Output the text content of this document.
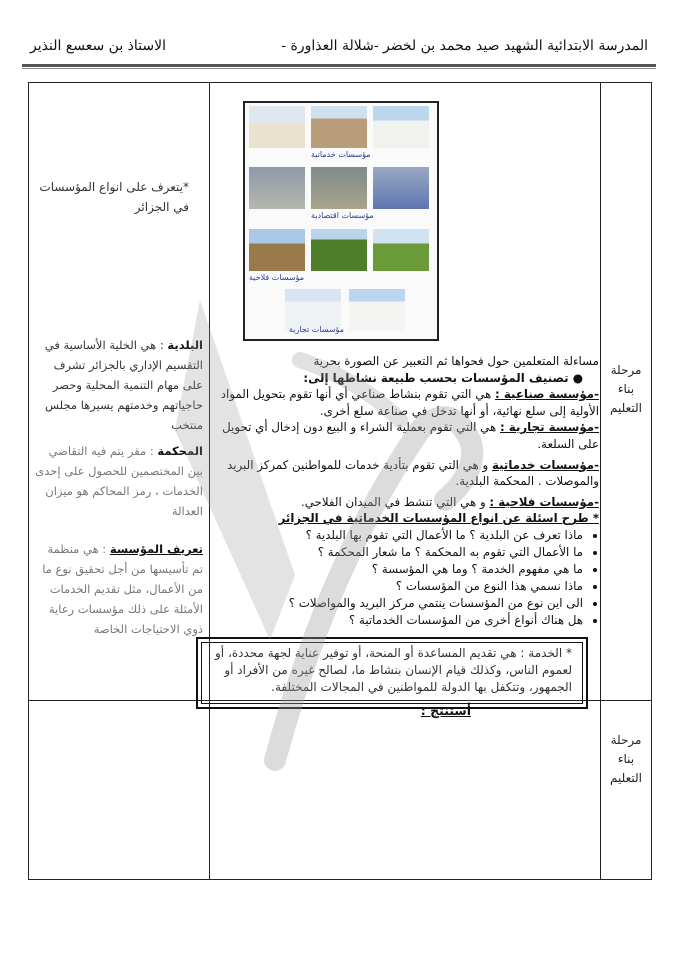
المدرسة الابتدائية الشهيد صيد محمد بن لخضر -شلالة العذاورة -
الاستاذ بن سعسع النذير
مرحلة بناء التعليم
مرحلة بناء التعليم
*يتعرف على انواع المؤسسات في الجزائر
البلدية : هي الخلية الأساسية في التقسيم الإداري بالجزائر تشرف على مهام التنمية المحلية وحصر حاجياتهم وخدمتهم يسيرها مجلس منتخب
المحكمة : مقر يتم فيه التقاضي بين المختصمين للحصول على إحدى الخدمات ، رمز المحاكم هو ميزان العدالة
تعريف المؤسسة : هي منظمة تم تأسيسها من أجل تحقيق نوع ما من الأعمال، مثل تقديم الخدمات الأمثلة على ذلك مؤسسات رعاية ذوي الاحتياجات الخاصة
مؤسسات خدماتية
مؤسسات اقتصادية
مؤسسات فلاحية
مؤسسات تجارية
مساءلة المتعلمين حول فحواها ثم التعبير عن الصورة بحرية
● تصنيف المؤسسات بحسب طبيعة نشاطها إلى:
-مؤسسة صناعية : هي التي تقوم بنشاط صناعي أي أنها تقوم بتحويل المواد الأولية إلى سلع نهائية، أو أنها تدخل في صناعة سلع أخرى.
-مؤسسة تجارية : هي التي تقوم بعملية الشراء و البيع دون إدخال أي تحويل على السلعة.
-مؤسسات خدماتية و هي التي تقوم بتأدية خدمات للمواطنين كمركز البريد والموصلات . المحكمة البلدية.
-مؤسسات فلاحية : و هي التي تنشط في الميدان الفلاحي.
* طرح اسئلة عن انواع المؤسسات الخدماتية في الجزائر
• ماذا تعرف عن البلدية ؟ ما الأعمال التي تقوم بها البلدية ؟
• ما الأعمال التي تقوم به المحكمة ؟ ما شعار المحكمة ؟
• ما هي مفهوم الخدمة ؟ وما هي المؤسسة ؟
• ماذا نسمي هذا النوع من المؤسسات ؟
• الى اين نوع من المؤسسات ينتمي مركز البريد والمواصلات ؟
• هل هناك أنواع أخرى من المؤسسات الخدماتية ؟
أستنتج :
* الخدمة : هي تقديم المساعدة أو المنحة، أو توفير عناية لجهة محددة، أو لعموم الناس، وكذلك قيام الإنسان بنشاط ما، لصالح غيره من الأفراد أو الجمهور، وتتكفل بها الدولة للمواطنين في المجالات المختلفة.
